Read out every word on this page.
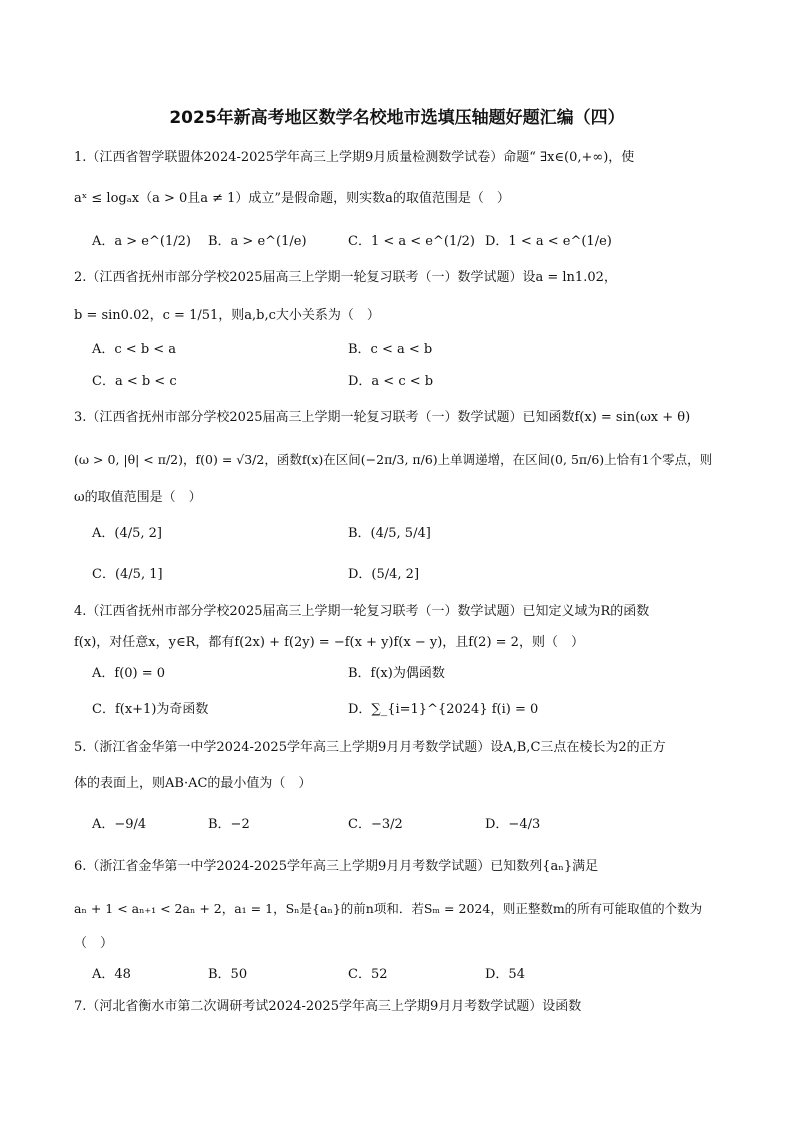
2025年新高考地区数学名校地市选填压轴题好题汇编（四）
1.（江西省智学联盟体2024-2025学年高三上学期9月质量检测数学试卷）命题“ ∃x∈(0,+∞)，使
aˣ ≤ logₐx（a > 0且a ≠ 1）成立”是假命题，则实数a的取值范围是（　）
A．a > e^(1/2) B．a > e^(1/e)	C．1 < a < e^(1/2) D．1 < a < e^(1/e)
2.（江西省抚州市部分学校2025届高三上学期一轮复习联考（一）数学试题）设a = ln1.02，
b = sin0.02，c = 1/51，则a,b,c大小关系为（　）
A．c < b < a	B．c < a < b
C．a < b < c	D．a < c < b
3.（江西省抚州市部分学校2025届高三上学期一轮复习联考（一）数学试题）已知函数f(x) = sin(ωx + θ)
(ω > 0, |θ| < π/2)，f(0) = √3/2，函数f(x)在区间(−2π/3, π/6)上单调递增，在区间(0, 5π/6)上恰有1个零点，则
ω的取值范围是（　）
A．(4/5, 2]	B．(4/5, 5/4]
C．(4/5, 1]	D．(5/4, 2]
4.（江西省抚州市部分学校2025届高三上学期一轮复习联考（一）数学试题）已知定义域为R的函数
f(x)，对任意x，y∈R，都有f(2x) + f(2y) = −f(x + y)f(x − y)，且f(2) = 2，则（　）
A．f(0) = 0	B．f(x)为偶函数
C．f(x+1)为奇函数	D．∑_{i=1}^{2024} f(i) = 0
5.（浙江省金华第一中学2024-2025学年高三上学期9月月考数学试题）设A,B,C三点在棱长为2的正方
体的表面上，则AB·AC的最小值为（　）
A．−9/4	B．−2	C．−3/2	D．−4/3
6.（浙江省金华第一中学2024-2025学年高三上学期9月月考数学试题）已知数列{aₙ}满足
aₙ + 1 < aₙ₊₁ < 2aₙ + 2，a₁ = 1，Sₙ是{aₙ}的前n项和．若Sₘ = 2024，则正整数m的所有可能取值的个数为
（　）
A．48	B．50	C．52	D．54
7.（河北省衡水市第二次调研考试2024-2025学年高三上学期9月月考数学试题）设函数
